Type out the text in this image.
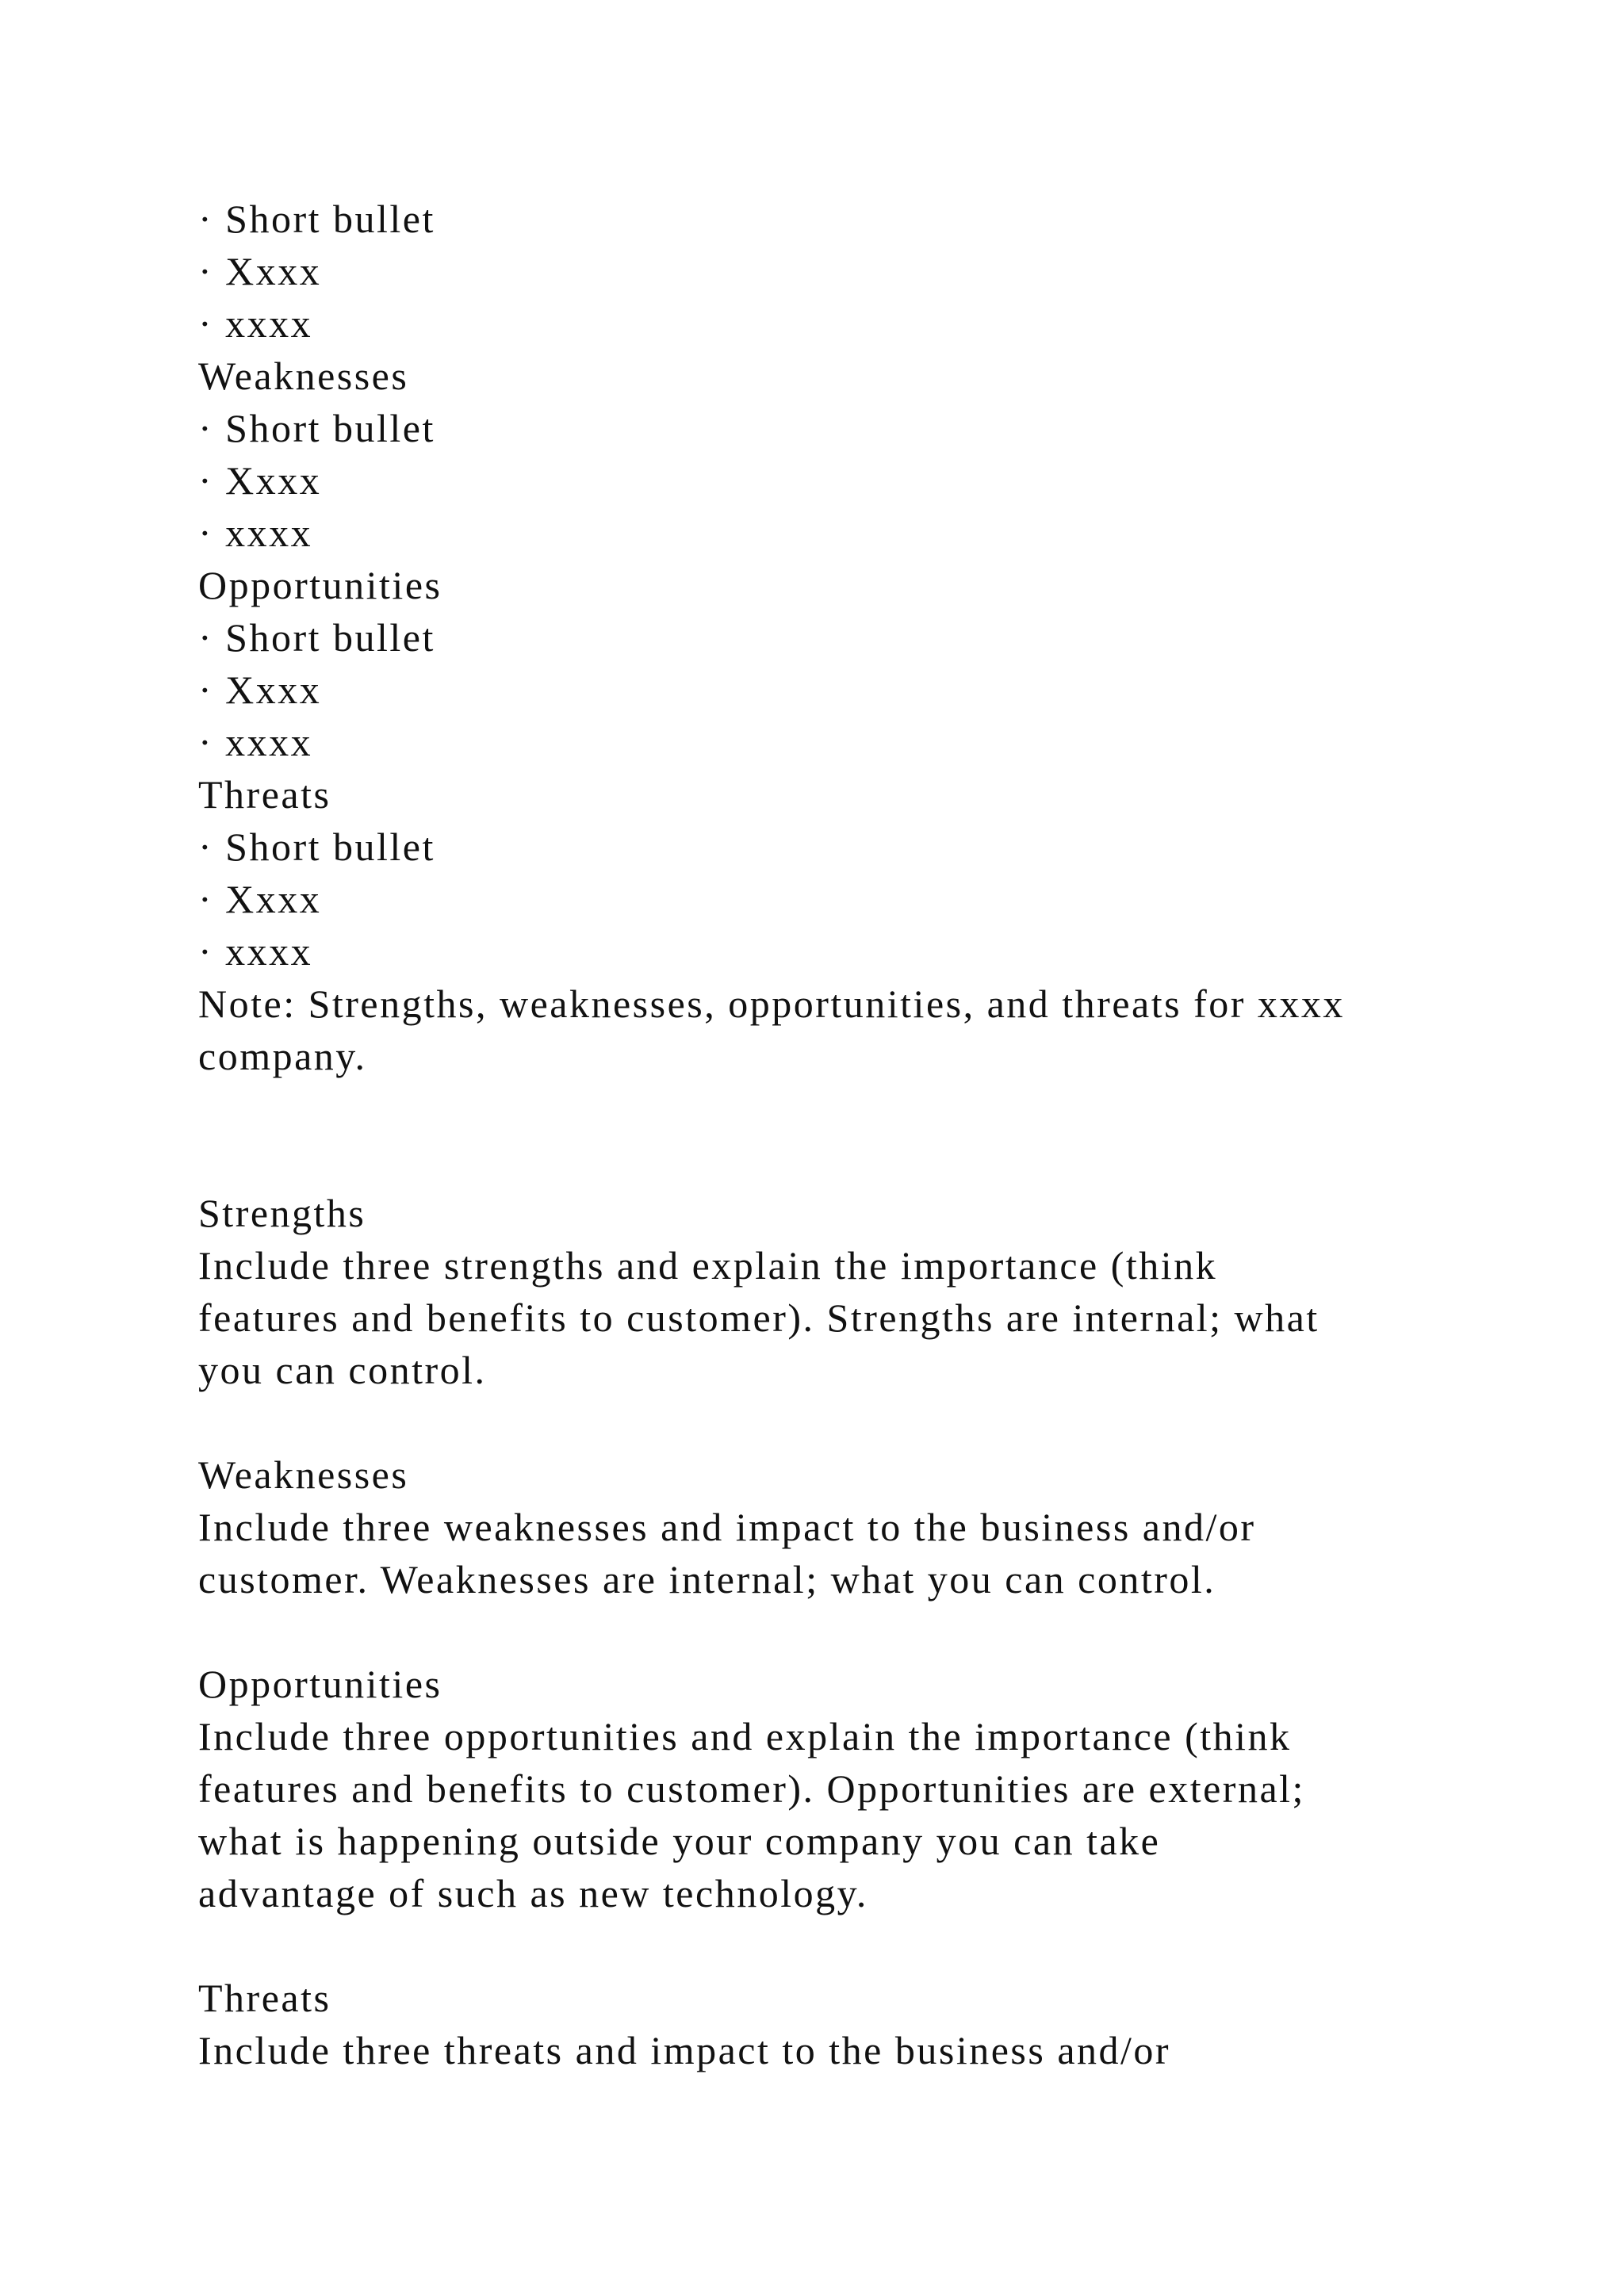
· Short bullet
· Xxxx
· xxxx
Weaknesses
· Short bullet
· Xxxx
· xxxx
Opportunities
· Short bullet
· Xxxx
· xxxx
Threats
· Short bullet
· Xxxx
· xxxx
Note: Strengths, weaknesses, opportunities, and threats for xxxx
company.
Strengths
Include three strengths and explain the importance (think
features and benefits to customer). Strengths are internal; what
you can control.
Weaknesses
Include three weaknesses and impact to the business and/or
customer. Weaknesses are internal; what you can control.
Opportunities
Include three opportunities and explain the importance (think
features and benefits to customer). Opportunities are external;
what is happening outside your company you can take
advantage of such as new technology.
Threats
Include three threats and impact to the business and/or
